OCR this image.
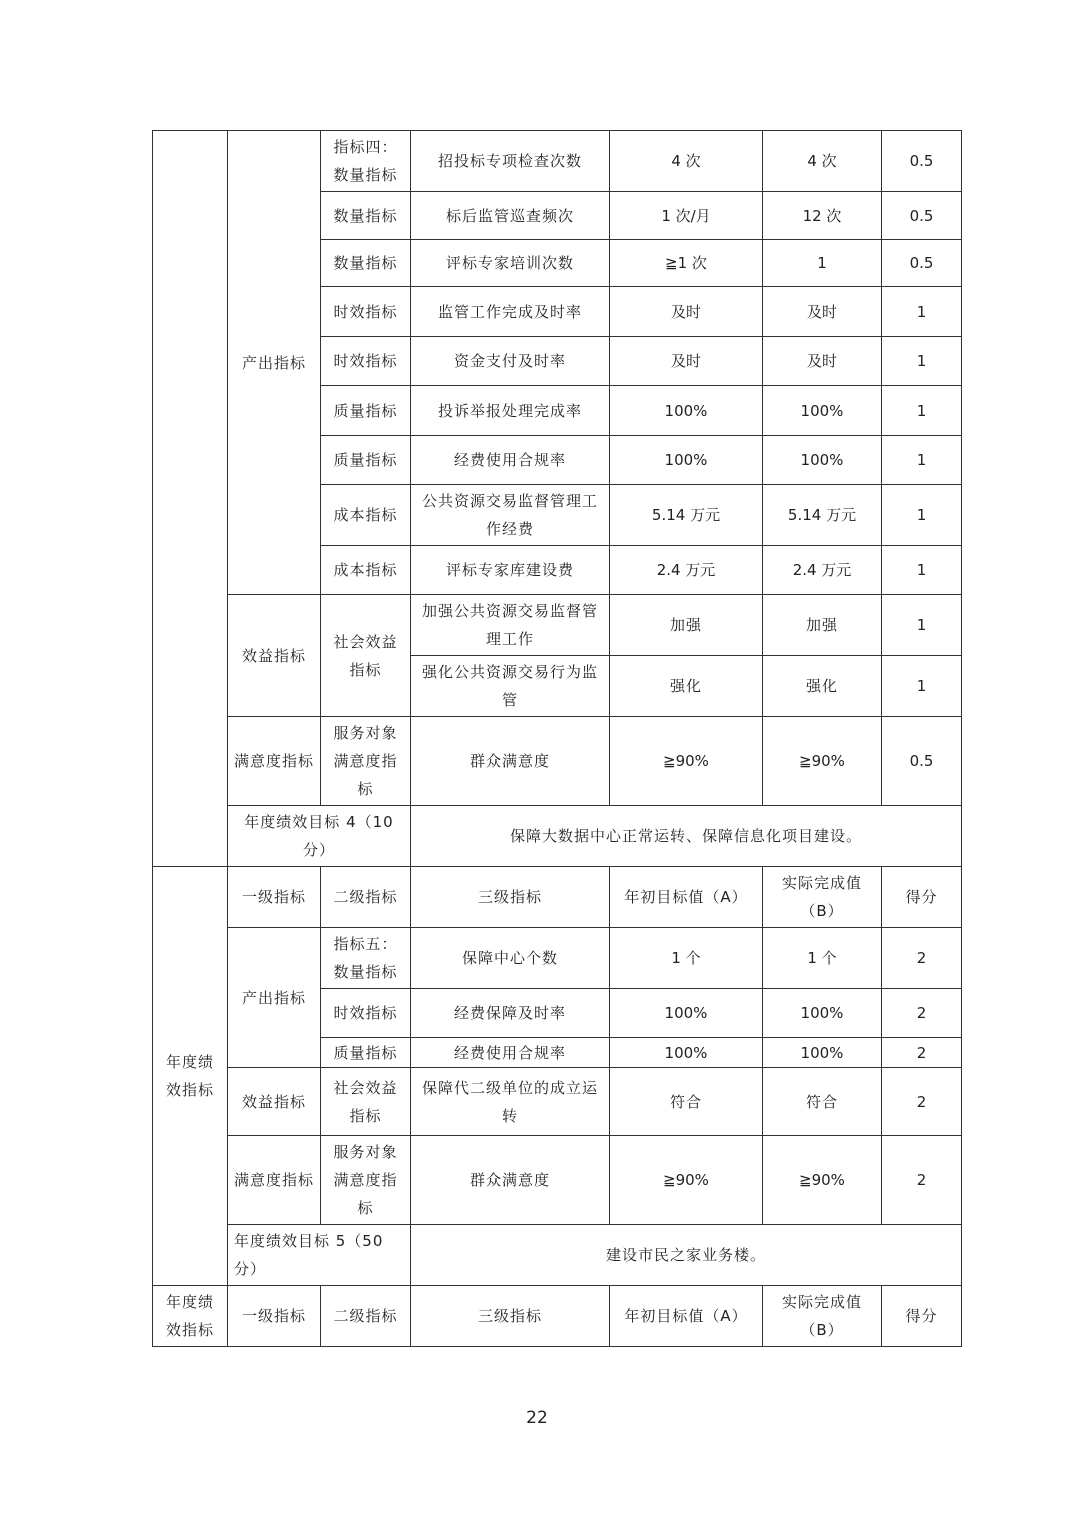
	产出指标	指标四：数量指标	招投标专项检查次数	4 次	4 次	0.5
		数量指标	标后监管巡查频次	1 次/月	12 次	0.5
		数量指标	评标专家培训次数	≧1 次	1	0.5
		时效指标	监管工作完成及时率	及时	及时	1
		时效指标	资金支付及时率	及时	及时	1
		质量指标	投诉举报处理完成率	100%	100%	1
		质量指标	经费使用合规率	100%	100%	1
		成本指标	公共资源交易监督管理工作经费	5.14 万元	5.14 万元	1
		成本指标	评标专家库建设费	2.4 万元	2.4 万元	1
	效益指标	社会效益指标	加强公共资源交易监督管理工作	加强	加强	1
			强化公共资源交易行为监管	强化	强化	1
	满意度指标	服务对象满意度指标	群众满意度	≧90%	≧90%	0.5
	年度绩效目标 4（10 分）		保障大数据中心正常运转、保障信息化项目建设。			
年度绩效指标	一级指标	二级指标	三级指标	年初目标值（A）	实际完成值（B）	得分
	产出指标	指标五：数量指标	保障中心个数	1 个	1 个	2
		时效指标	经费保障及时率	100%	100%	2
		质量指标	经费使用合规率	100%	100%	2
	效益指标	社会效益指标	保障代二级单位的成立运转	符合	符合	2
	满意度指标	服务对象满意度指标	群众满意度	≧90%	≧90%	2
	年度绩效目标 5（50 分）		建设市民之家业务楼。			
年度绩效指标	一级指标	二级指标	三级指标	年初目标值（A）	实际完成值（B）	得分
22
